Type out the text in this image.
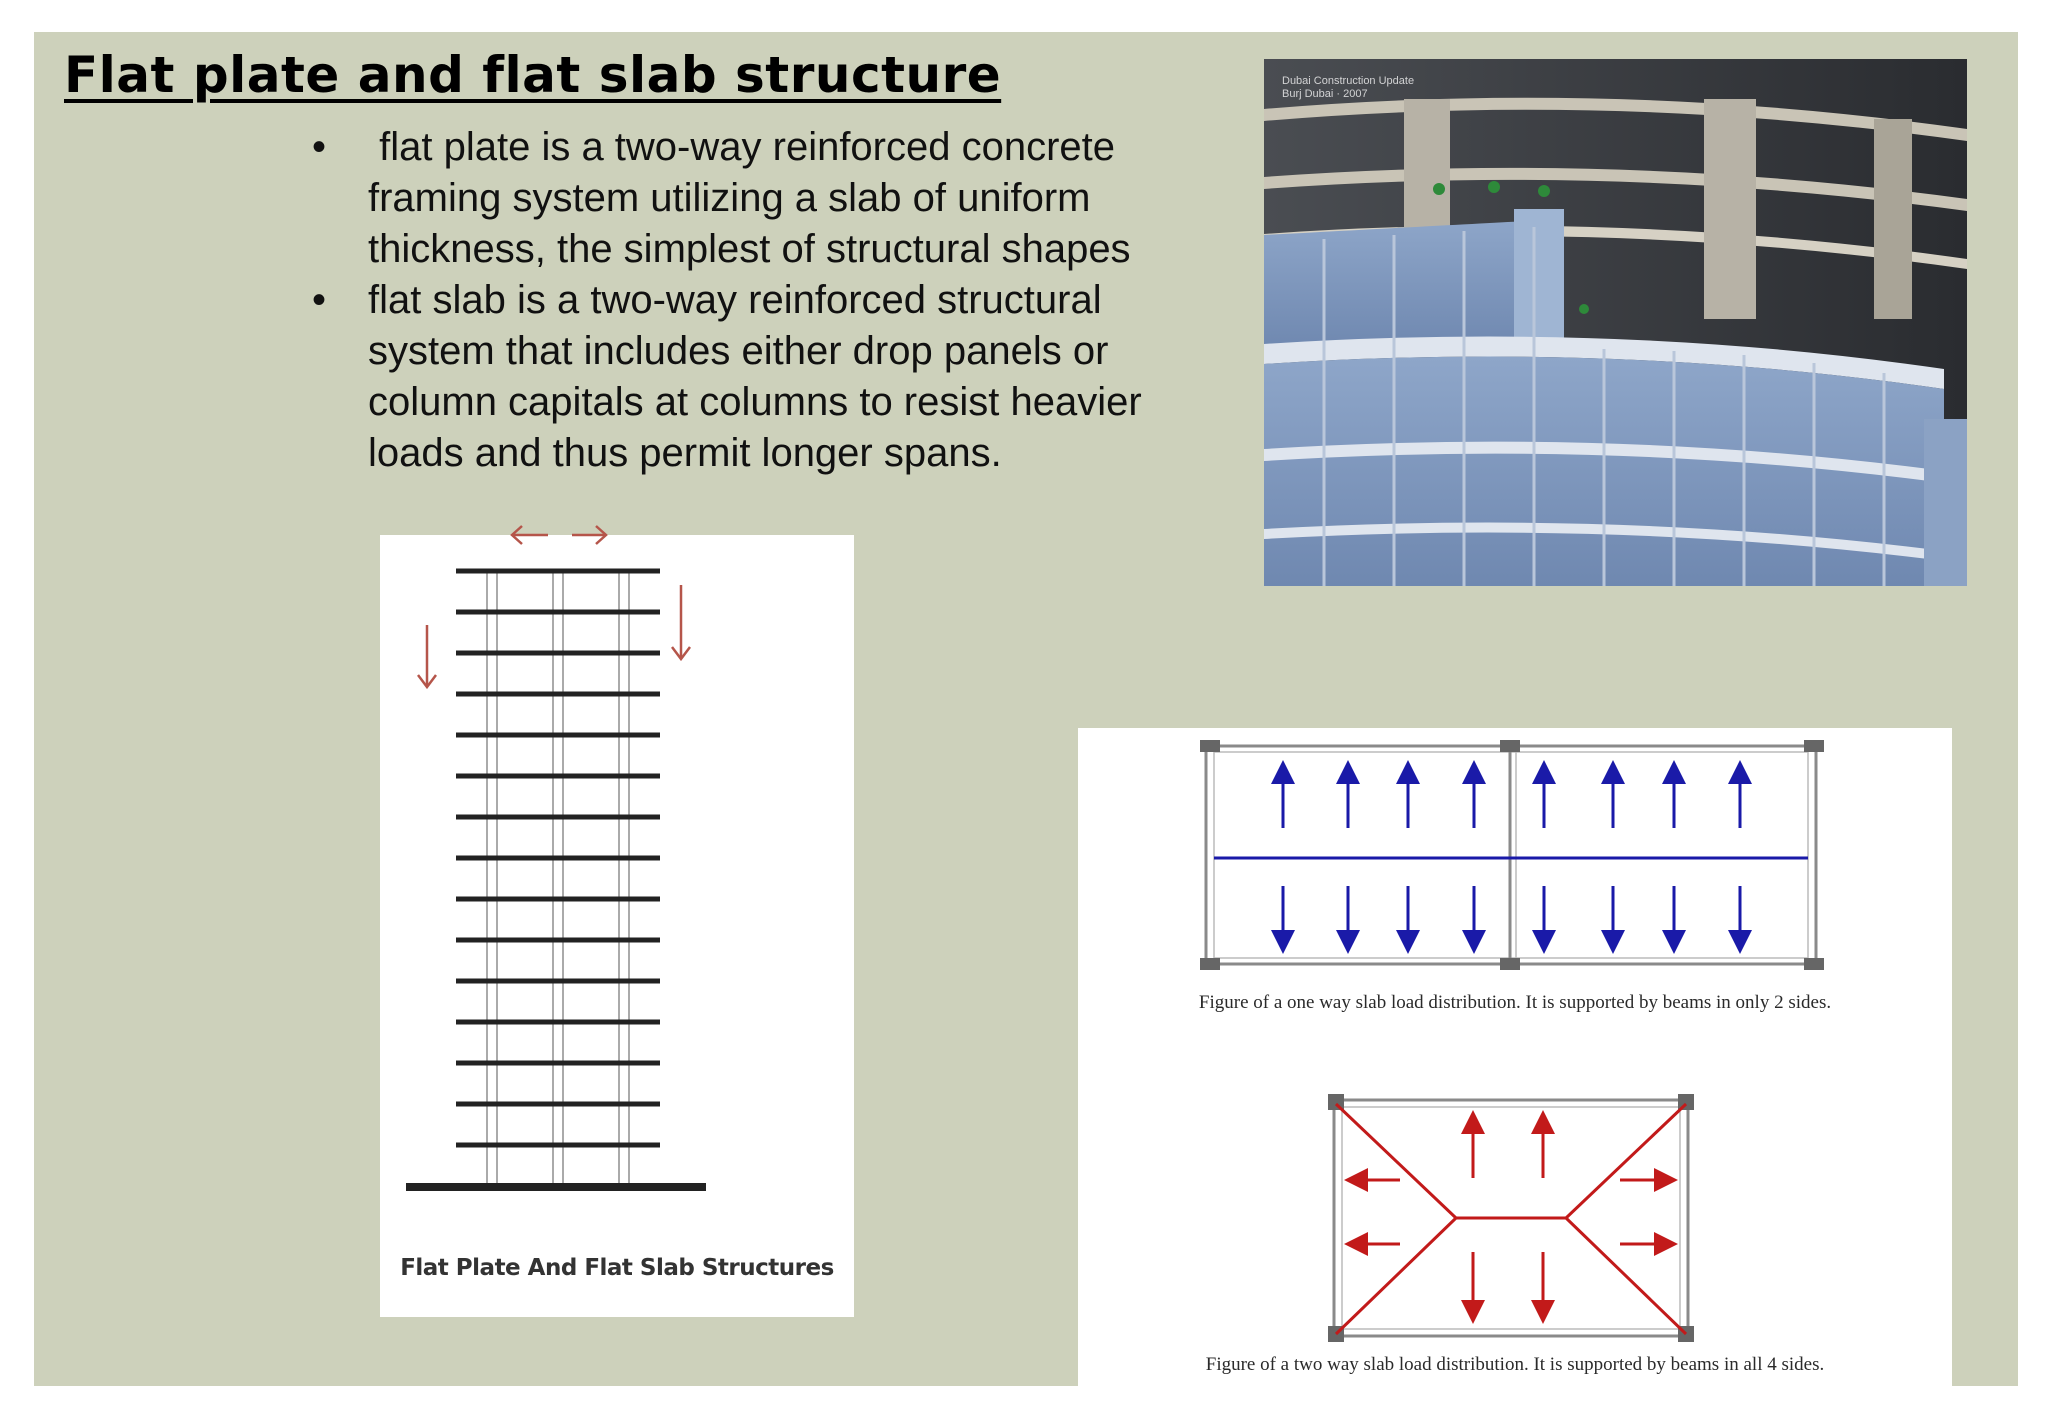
Flat plate and flat slab structure
• flat plate is a two-way reinforced concrete framing system utilizing a slab of uniform thickness, the simplest of structural shapes
• flat slab is a two-way reinforced structural system that includes either drop panels or column capitals at columns to resist heavier loads and thus permit longer spans.
Dubai Construction Update
Burj Dubai · 2007
Flat Plate And Flat Slab Structures
Figure of a one way slab load distribution. It is supported by beams in only 2 sides.
Figure of a two way slab load distribution. It is supported by beams in all 4 sides.
